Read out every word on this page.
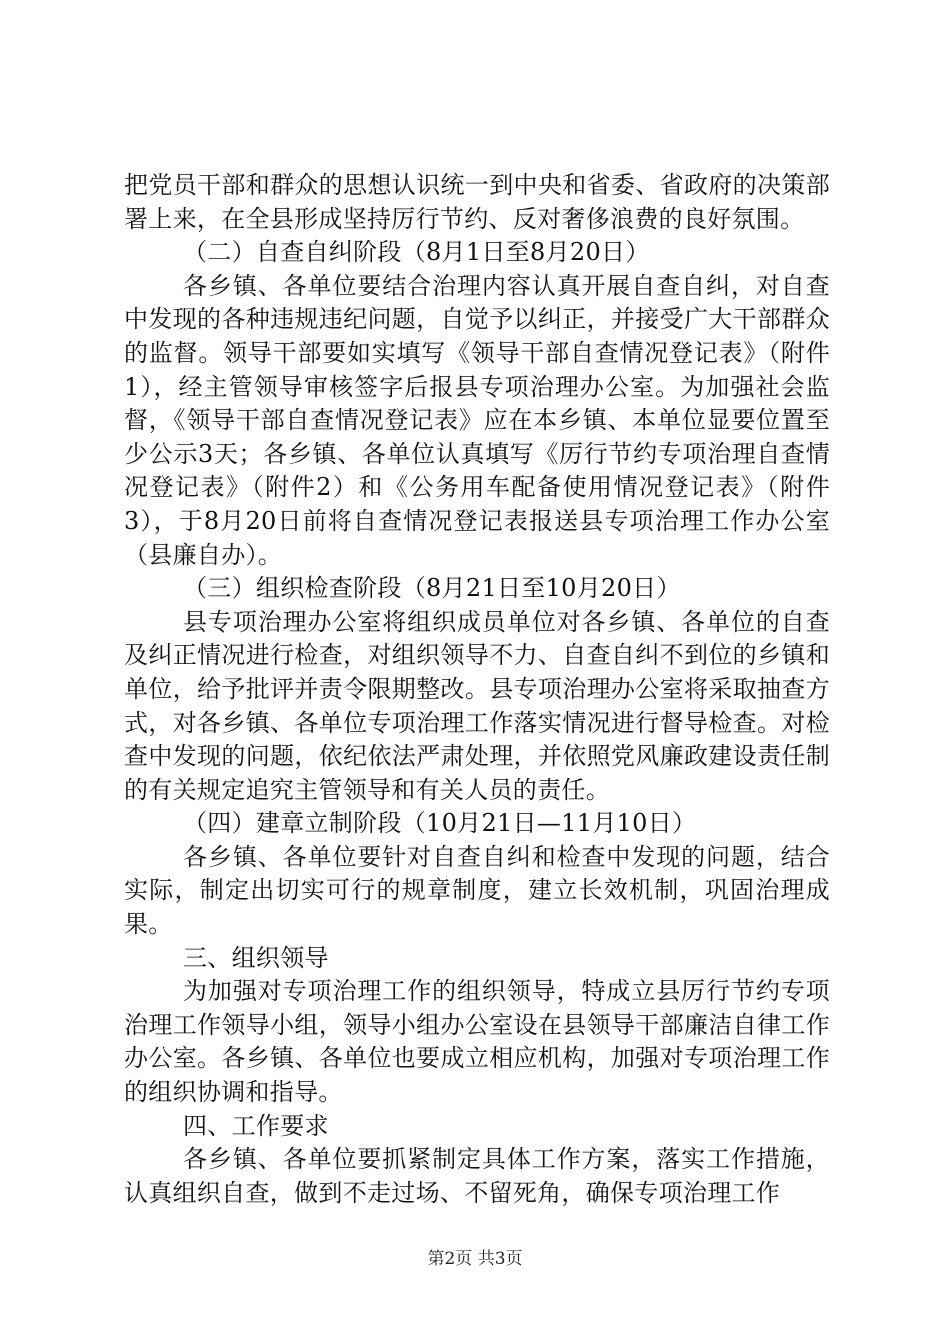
把党员干部和群众的思想认识统一到中央和省委、省政府的决策部署上来，在全县形成坚持厉行节约、反对奢侈浪费的良好氛围。

（二）自查自纠阶段（8月1日至8月20日）

各乡镇、各单位要结合治理内容认真开展自查自纠，对自查中发现的各种违规违纪问题，自觉予以纠正，并接受广大干部群众的监督。领导干部要如实填写《领导干部自查情况登记表》（附件1），经主管领导审核签字后报县专项治理办公室。为加强社会监督，《领导干部自查情况登记表》应在本乡镇、本单位显要位置至少公示3天；各乡镇、各单位认真填写《厉行节约专项治理自查情况登记表》（附件2）和《公务用车配备使用情况登记表》（附件3），于8月20日前将自查情况登记表报送县专项治理工作办公室（县廉自办）。

（三）组织检查阶段（8月21日至10月20日）

县专项治理办公室将组织成员单位对各乡镇、各单位的自查及纠正情况进行检查，对组织领导不力、自查自纠不到位的乡镇和单位，给予批评并责令限期整改。县专项治理办公室将采取抽查方式，对各乡镇、各单位专项治理工作落实情况进行督导检查。对检查中发现的问题，依纪依法严肃处理，并依照党风廉政建设责任制的有关规定追究主管领导和有关人员的责任。

（四）建章立制阶段（10月21日—11月10日）

各乡镇、各单位要针对自查自纠和检查中发现的问题，结合实际，制定出切实可行的规章制度，建立长效机制，巩固治理成果。

三、组织领导

为加强对专项治理工作的组织领导，特成立县厉行节约专项治理工作领导小组，领导小组办公室设在县领导干部廉洁自律工作办公室。各乡镇、各单位也要成立相应机构，加强对专项治理工作的组织协调和指导。

四、工作要求

各乡镇、各单位要抓紧制定具体工作方案，落实工作措施，认真组织自查，做到不走过场、不留死角，确保专项治理工作

第2页 共3页
